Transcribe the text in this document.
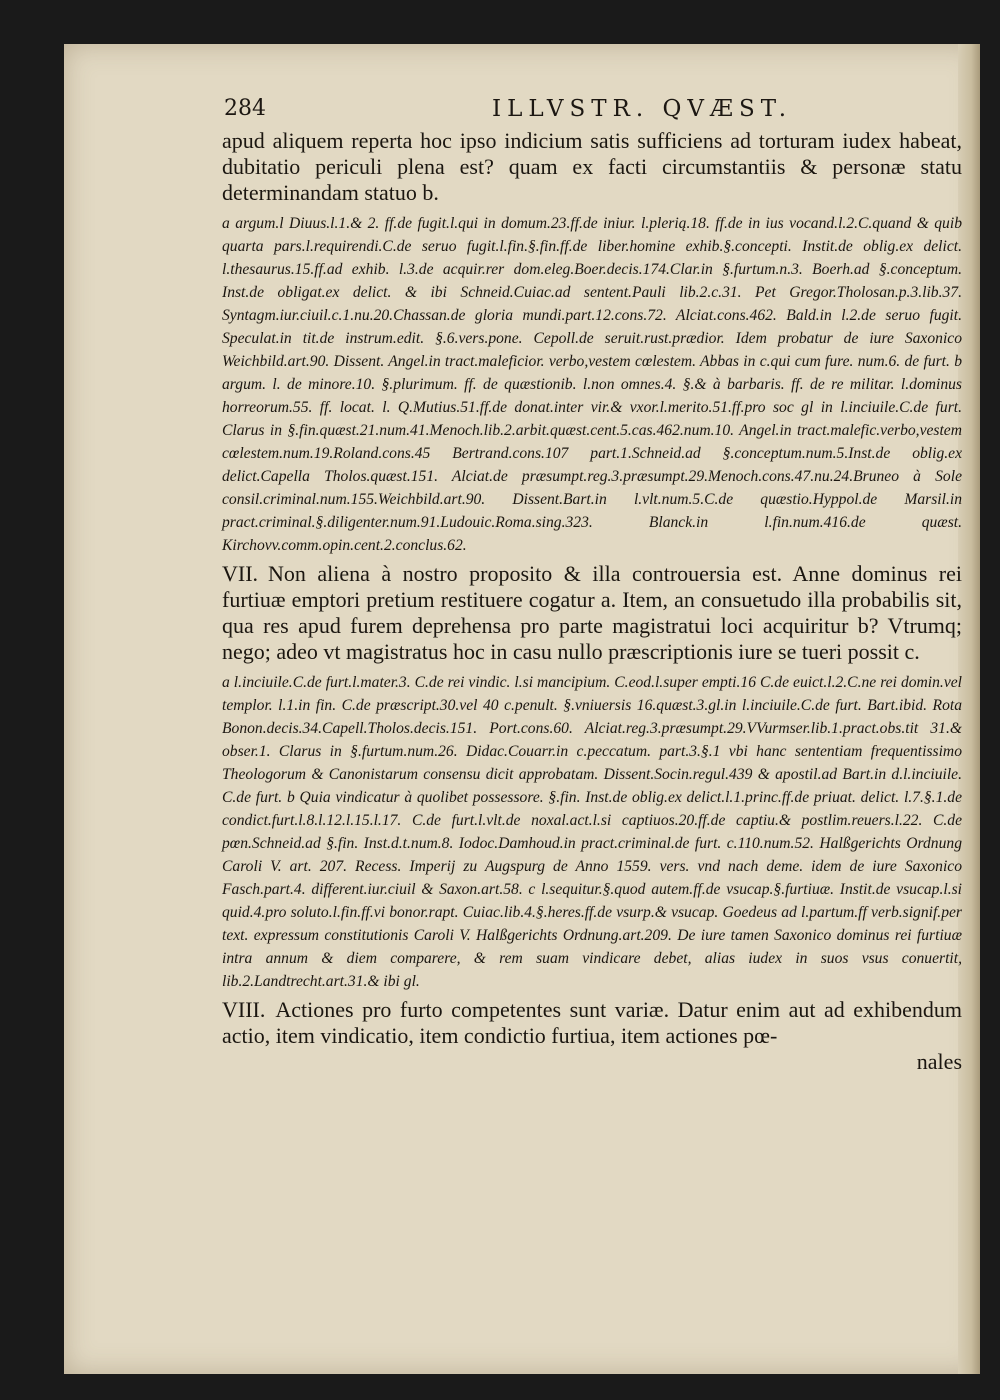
284	ILLVSTR. QVÆST.

apud aliquem reperta hoc ipso indicium satis sufficiens ad torturam iudex habeat, dubitatio periculi plena est? quam ex facti circumstantiis & personæ statu determinandam statuo b.

a argum.l Diuus.l.1.& 2. ff.de fugit.l.qui in domum.23.ff.de iniur. l.plerią.18. ff.de in ius vocand.l.2.C.quand & quib quarta pars.l.requirendi.C.de seruo fugit.l.fin.§.fin.ff.de liber.homine exhib.§.concepti. Instit.de oblig.ex delict. l.thesaurus.15.ff.ad exhib. l.3.de acquir.rer dom.eleg.Boer.decis.174.Clar.in §.furtum.n.3. Boerh.ad §.conceptum. Inst.de obligat.ex delict. & ibi Schneid.Cuiac.ad sentent.Pauli lib.2.c.31. Pet Gregor.Tholosan.p.3.lib.37. Syntagm.iur.ciuil.c.1.nu.20.Chassan.de gloria mundi.part.12.cons.72. Alciat.cons.462. Bald.in l.2.de seruo fugit. Speculat.in tit.de instrum.edit. §.6.vers.pone. Cepoll.de seruit.rust.prædior. Idem probatur de iure Saxonico Weichbild.art.90. Dissent. Angel.in tract.maleficior. verbo,vestem cœlestem. Abbas in c.qui cum fure. num.6. de furt. b argum. l. de minore.10. §.plurimum. ff. de quæstionib. l.non omnes.4. §.& à barbaris. ff. de re militar. l.dominus horreorum.55. ff. locat. l. Q.Mutius.51.ff.de donat.inter vir.& vxor.l.merito.51.ff.pro soc gl in l.inciuile.C.de furt. Clarus in §.fin.quæst.21.num.41.Menoch.lib.2.arbit.quæst.cent.5.cas.462.num.10. Angel.in tract.malefic.verbo,vestem cœlestem.num.19.Roland.cons.45 Bertrand.cons.107 part.1.Schneid.ad §.conceptum.num.5.Inst.de oblig.ex delict.Capella Tholos.quæst.151. Alciat.de præsumpt.reg.3.præsumpt.29.Menoch.cons.47.nu.24.Bruneo à Sole consil.criminal.num.155.Weichbild.art.90. Dissent.Bart.in l.vlt.num.5.C.de quæstio.Hyppol.de Marsil.in pract.criminal.§.diligenter.num.91.Ludouic.Roma.sing.323. Blanck.in l.fin.num.416.de quæst. Kirchovv.comm.opin.cent.2.conclus.62.

VII. Non aliena à nostro proposito & illa controuersia est. Anne dominus rei furtiuæ emptori pretium restituere cogatur a. Item, an consuetudo illa probabilis sit, qua res apud furem deprehensa pro parte magistratui loci acquiritur b? Vtrumq; nego; adeo vt magistratus hoc in casu nullo præscriptionis iure se tueri possit c.

a l.inciuile.C.de furt.l.mater.3. C.de rei vindic. l.si mancipium. C.eod.l.super empti.16 C.de euict.l.2.C.ne rei domin.vel templor. l.1.in fin. C.de præscript.30.vel 40 c.penult. §.vniuersis 16.quæst.3.gl.in l.inciuile.C.de furt. Bart.ibid. Rota Bonon.decis.34.Capell.Tholos.decis.151. Port.cons.60. Alciat.reg.3.præsumpt.29.VVurmser.lib.1.pract.obs.tit 31.& obser.1. Clarus in §.furtum.num.26. Didac.Couarr.in c.peccatum. part.3.§.1 vbi hanc sententiam frequentissimo Theologorum & Canonistarum consensu dicit approbatam. Dissent.Socin.regul.439 & apostil.ad Bart.in d.l.inciuile. C.de furt. b Quia vindicatur à quolibet possessore. §.fin. Inst.de oblig.ex delict.l.1.princ.ff.de priuat. delict. l.7.§.1.de condict.furt.l.8.l.12.l.15.l.17. C.de furt.l.vlt.de noxal.act.l.si captiuos.20.ff.de captiu.& postlim.reuers.l.22. C.de pœn.Schneid.ad §.fin. Inst.d.t.num.8. Iodoc.Damhoud.in pract.criminal.de furt. c.110.num.52. Halßgerichts Ordnung Caroli V. art. 207. Recess. Imperij zu Augspurg de Anno 1559. vers. vnd nach deme. idem de iure Saxonico Fasch.part.4. different.iur.ciuil & Saxon.art.58. c l.sequitur.§.quod autem.ff.de vsucap.§.furtiuæ. Instit.de vsucap.l.si quid.4.pro soluto.l.fin.ff.vi bonor.rapt. Cuiac.lib.4.§.heres.ff.de vsurp.& vsucap. Goedeus ad l.partum.ff verb.signif.per text. expressum constitutionis Caroli V. Halßgerichts Ordnung.art.209. De iure tamen Saxonico dominus rei furtiuæ intra annum & diem comparere, & rem suam vindicare debet, alias iudex in suos vsus conuertit, lib.2.Landtrecht.art.31.& ibi gl.

VIII. Actiones pro furto competentes sunt variæ. Datur enim aut ad exhibendum actio, item vindicatio, item condictio furtiua, item actiones pœ-

nales
